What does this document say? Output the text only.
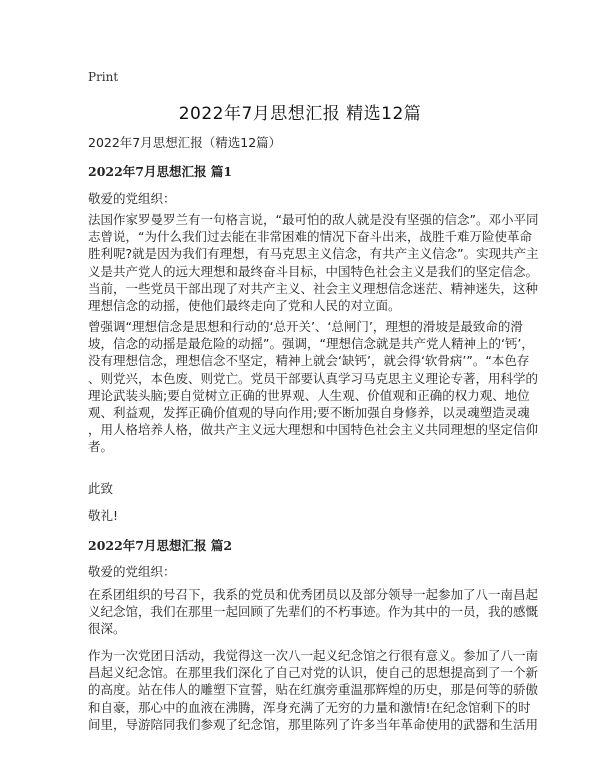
Print
2022年7月思想汇报 精选12篇

2022年7月思想汇报（精选12篇）

2022年7月思想汇报 篇1

敬爱的党组织：

法国作家罗曼罗兰有一句格言说，“最可怕的敌人就是没有坚强的信念”。邓小平同
志曾说，“为什么我们过去能在非常困难的情况下奋斗出来，战胜千难万险使革命
胜利呢?就是因为我们有理想，有马克思主义信念，有共产主义信念”。实现共产主
义是共产党人的远大理想和最终奋斗目标，中国特色社会主义是我们的坚定信念。
当前，一些党员干部出现了对共产主义、社会主义理想信念迷茫、精神迷失，这种
理想信念的动摇，使他们最终走向了党和人民的对立面。
曾强调“理想信念是思想和行动的‘总开关’、‘总闸门’，理想的滑坡是最致命的滑
坡，信念的动摇是最危险的动摇”。强调，“理想信念就是共产党人精神上的‘钙’，
没有理想信念，理想信念不坚定，精神上就会‘缺钙’，就会得‘软骨病’”。“本色存
、则党兴，本色废、则党亡。党员干部要认真学习马克思主义理论专著，用科学的
理论武装头脑;要自觉树立正确的世界观、人生观、价值观和正确的权力观、地位
观、利益观，发挥正确价值观的导向作用;要不断加强自身修养，以灵魂塑造灵魂
，用人格培养人格，做共产主义远大理想和中国特色社会主义共同理想的坚定信仰
者。

此致

敬礼!

2022年7月思想汇报 篇2

敬爱的党组织：

在系团组织的号召下，我系的党员和优秀团员以及部分领导一起参加了八一南昌起
义纪念馆，我们在那里一起回顾了先辈们的不朽事迹。作为其中的一员，我的感慨
很深。
作为一次党团日活动，我觉得这一次八一起义纪念馆之行很有意义。参加了八一南
昌起义纪念馆。在那里我们深化了自己对党的认识，使自己的思想提高到了一个新
的高度。站在伟人的雕塑下宣誓，贴在红旗旁重温那辉煌的历史，那是何等的骄傲
和自豪，那心中的血液在沸腾，浑身充满了无穷的力量和激情!在纪念馆剩下的时
间里，导游陪同我们参观了纪念馆，那里陈列了许多当年革命使用的武器和生活用
